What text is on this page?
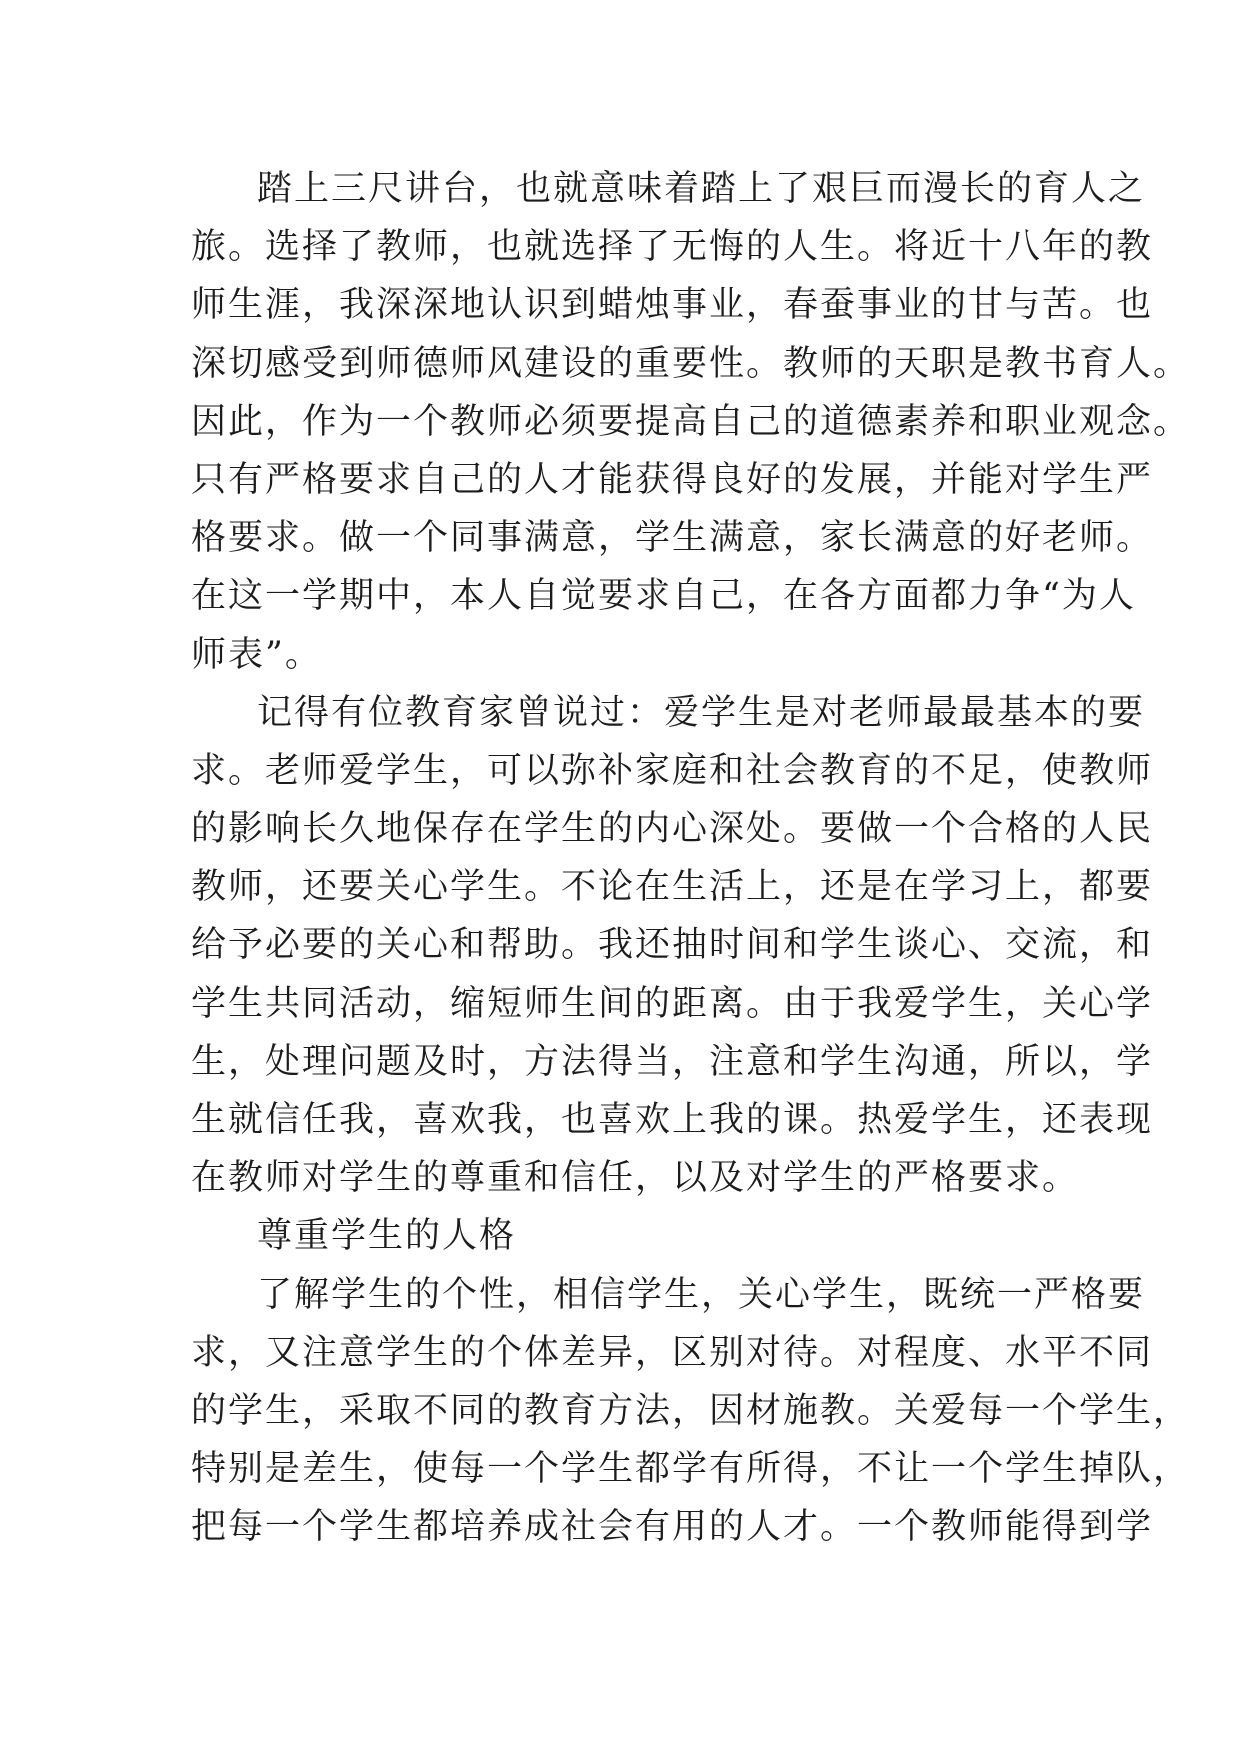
踏上三尺讲台，也就意味着踏上了艰巨而漫长的育人之
旅。选择了教师，也就选择了无悔的人生。将近十八年的教
师生涯，我深深地认识到蜡烛事业，春蚕事业的甘与苦。也
深切感受到师德师风建设的重要性。教师的天职是教书育人。
因此，作为一个教师必须要提高自己的道德素养和职业观念。
只有严格要求自己的人才能获得良好的发展，并能对学生严
格要求。做一个同事满意，学生满意，家长满意的好老师。
在这一学期中，本人自觉要求自己，在各方面都力争“为人
师表”。
记得有位教育家曾说过：爱学生是对老师最最基本的要
求。老师爱学生，可以弥补家庭和社会教育的不足，使教师
的影响长久地保存在学生的内心深处。要做一个合格的人民
教师，还要关心学生。不论在生活上，还是在学习上，都要
给予必要的关心和帮助。我还抽时间和学生谈心、交流，和
学生共同活动，缩短师生间的距离。由于我爱学生，关心学
生，处理问题及时，方法得当，注意和学生沟通，所以，学
生就信任我，喜欢我，也喜欢上我的课。热爱学生，还表现
在教师对学生的尊重和信任，以及对学生的严格要求。
尊重学生的人格
了解学生的个性，相信学生，关心学生，既统一严格要
求，又注意学生的个体差异，区别对待。对程度、水平不同
的学生，采取不同的教育方法，因材施教。关爱每一个学生，
特别是差生，使每一个学生都学有所得，不让一个学生掉队，
把每一个学生都培养成社会有用的人才。一个教师能得到学
